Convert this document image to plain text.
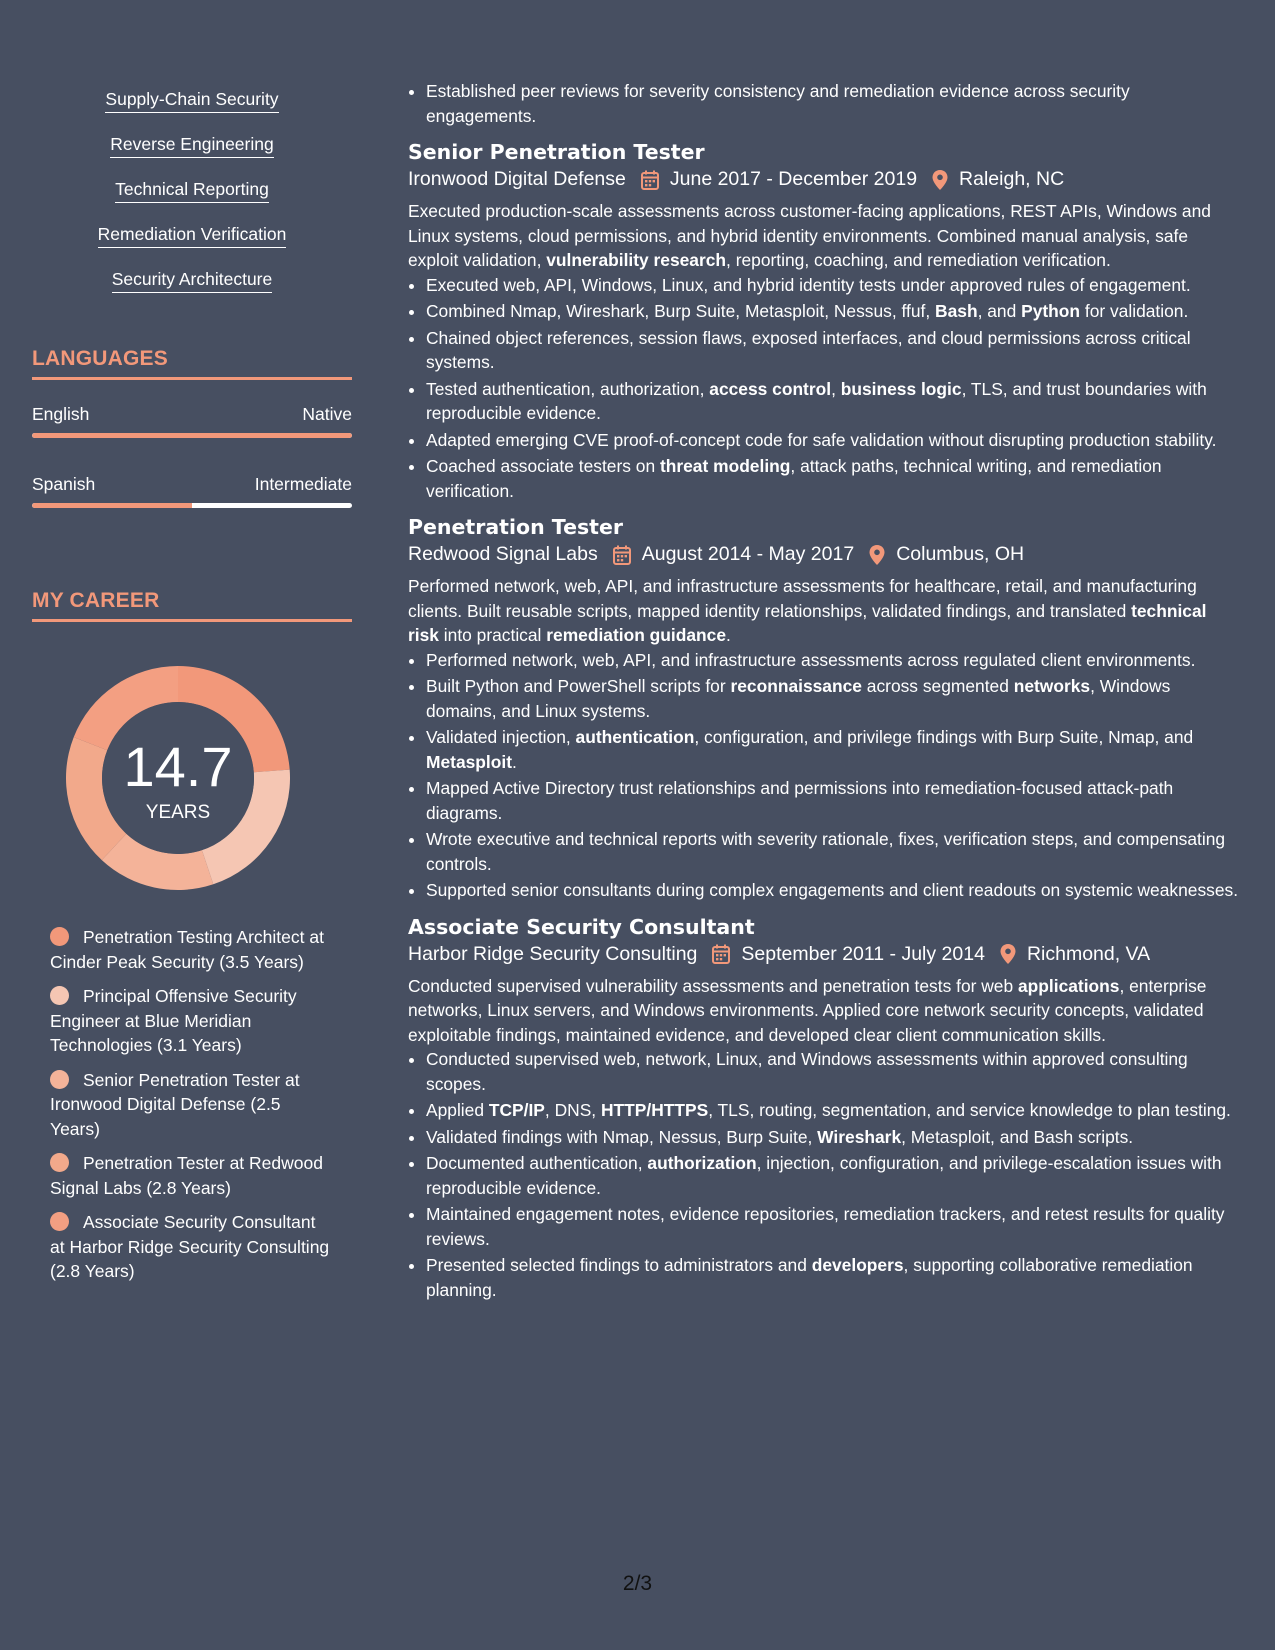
Supply-Chain Security
Reverse Engineering
Technical Reporting
Remediation Verification
Security Architecture
LANGUAGES
English	Native
Spanish	Intermediate
MY CAREER
14.7
YEARS
Penetration Testing Architect at Cinder Peak Security (3.5 Years)
Principal Offensive Security Engineer at Blue Meridian Technologies (3.1 Years)
Senior Penetration Tester at Ironwood Digital Defense (2.5 Years)
Penetration Tester at Redwood Signal Labs (2.8 Years)
Associate Security Consultant at Harbor Ridge Security Consulting (2.8 Years)
• Established peer reviews for severity consistency and remediation evidence across security engagements.
Senior Penetration Tester
Ironwood Digital Defense June 2017 - December 2019 Raleigh, NC
Executed production-scale assessments across customer-facing applications, REST APIs, Windows and Linux systems, cloud permissions, and hybrid identity environments. Combined manual analysis, safe exploit validation, vulnerability research, reporting, coaching, and remediation verification.
• Executed web, API, Windows, Linux, and hybrid identity tests under approved rules of engagement.
• Combined Nmap, Wireshark, Burp Suite, Metasploit, Nessus, ffuf, Bash, and Python for validation.
• Chained object references, session flaws, exposed interfaces, and cloud permissions across critical systems.
• Tested authentication, authorization, access control, business logic, TLS, and trust boundaries with reproducible evidence.
• Adapted emerging CVE proof-of-concept code for safe validation without disrupting production stability.
• Coached associate testers on threat modeling, attack paths, technical writing, and remediation verification.
Penetration Tester
Redwood Signal Labs August 2014 - May 2017 Columbus, OH
Performed network, web, API, and infrastructure assessments for healthcare, retail, and manufacturing clients. Built reusable scripts, mapped identity relationships, validated findings, and translated technical risk into practical remediation guidance.
• Performed network, web, API, and infrastructure assessments across regulated client environments.
• Built Python and PowerShell scripts for reconnaissance across segmented networks, Windows domains, and Linux systems.
• Validated injection, authentication, configuration, and privilege findings with Burp Suite, Nmap, and Metasploit.
• Mapped Active Directory trust relationships and permissions into remediation-focused attack-path diagrams.
• Wrote executive and technical reports with severity rationale, fixes, verification steps, and compensating controls.
• Supported senior consultants during complex engagements and client readouts on systemic weaknesses.
Associate Security Consultant
Harbor Ridge Security Consulting September 2011 - July 2014 Richmond, VA
Conducted supervised vulnerability assessments and penetration tests for web applications, enterprise networks, Linux servers, and Windows environments. Applied core network security concepts, validated exploitable findings, maintained evidence, and developed clear client communication skills.
• Conducted supervised web, network, Linux, and Windows assessments within approved consulting scopes.
• Applied TCP/IP, DNS, HTTP/HTTPS, TLS, routing, segmentation, and service knowledge to plan testing.
• Validated findings with Nmap, Nessus, Burp Suite, Wireshark, Metasploit, and Bash scripts.
• Documented authentication, authorization, injection, configuration, and privilege-escalation issues with reproducible evidence.
• Maintained engagement notes, evidence repositories, remediation trackers, and retest results for quality reviews.
• Presented selected findings to administrators and developers, supporting collaborative remediation planning.
2/3
